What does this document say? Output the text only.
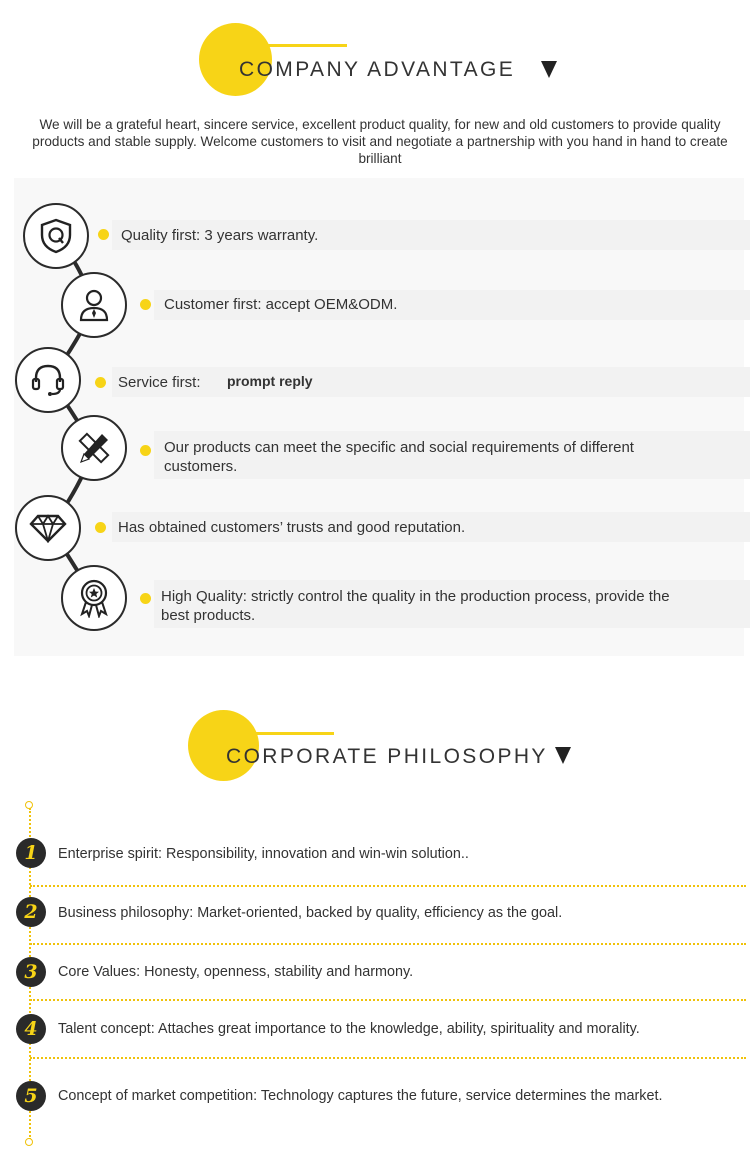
COMPANY ADVANTAGE
We will be a grateful heart, sincere service, excellent product quality, for new and old customers to provide quality products and stable supply. Welcome customers to visit and negotiate a partnership with you hand in hand to create brilliant
Quality first: 3 years warranty.
Customer first: accept OEM&ODM.
Service first: prompt reply
Our products can meet the specific and social requirements of different customers.
Has obtained customers’ trusts and good reputation.
High Quality: strictly control the quality in the production process, provide the best products.
CORPORATE PHILOSOPHY
1	Enterprise spirit: Responsibility, innovation and win-win solution..
2	Business philosophy: Market-oriented, backed by quality, efficiency as the goal.
3	Core Values: Honesty, openness, stability and harmony.
4	Talent concept: Attaches great importance to the knowledge, ability, spirituality and morality.
5	Concept of market competition: Technology captures the future, service determines the market.
